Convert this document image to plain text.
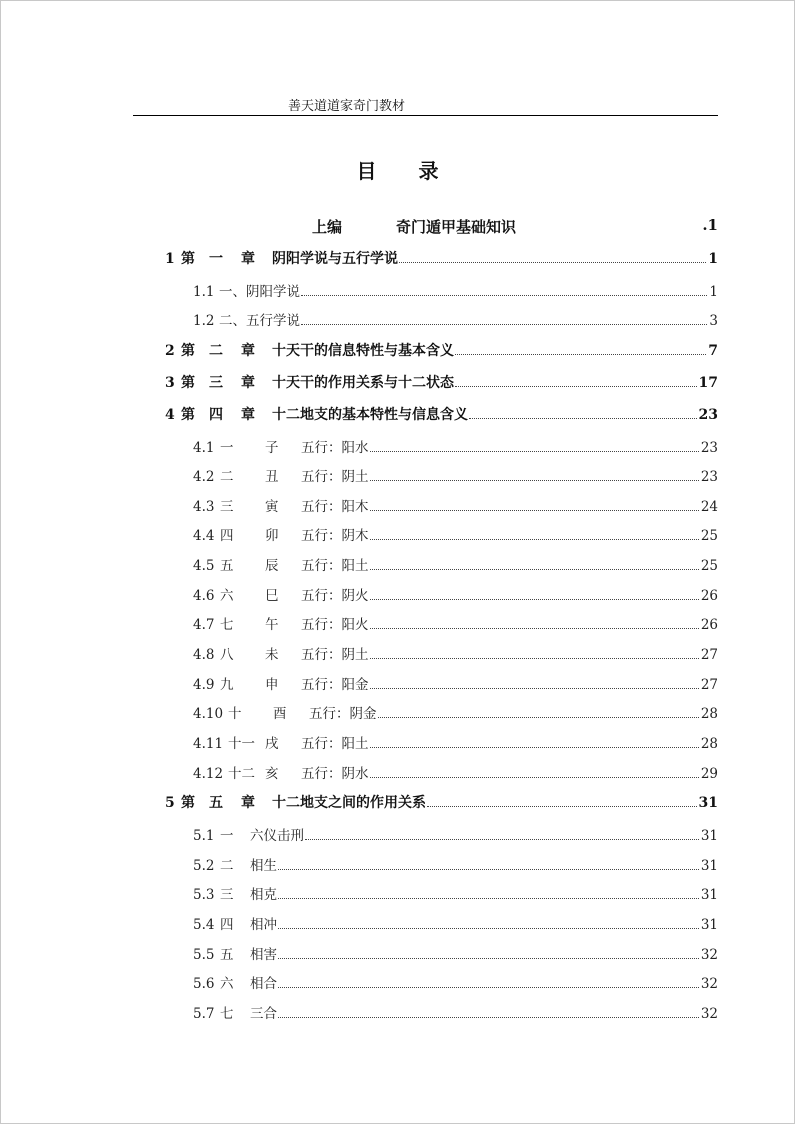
善天道道家奇门教材
目 录
上编	奇门遁甲基础知识	.1
1 第	一	章	阴阳学说与五行学说	1
1.1 一、阴阳学说	1
1.2 二、五行学说	3
2 第	二	章	十天干的信息特性与基本含义	7
3 第	三	章	十天干的作用关系与十二状态	17
4 第	四	章	十二地支的基本特性与信息含义	23
4.1 一	子	五行：阳水	23
4.2 二	丑	五行：阴土	23
4.3 三	寅	五行：阳木	24
4.4 四	卯	五行：阴木	25
4.5 五	辰	五行：阳土	25
4.6 六	巳	五行：阴火	26
4.7 七	午	五行：阳火	26
4.8 八	未	五行：阴土	27
4.9 九	申	五行：阳金	27
4.10 十	酉	五行：阴金	28
4.11 十一 戌	五行：阳土	28
4.12 十二 亥	五行：阴水	29
5 第	五	章	十二地支之间的作用关系	31
5.1 一	六仪击刑	31
5.2 二	相生	31
5.3 三	相克	31
5.4 四	相冲	31
5.5 五	相害	32
5.6 六	相合	32
5.7 七	三合	32
